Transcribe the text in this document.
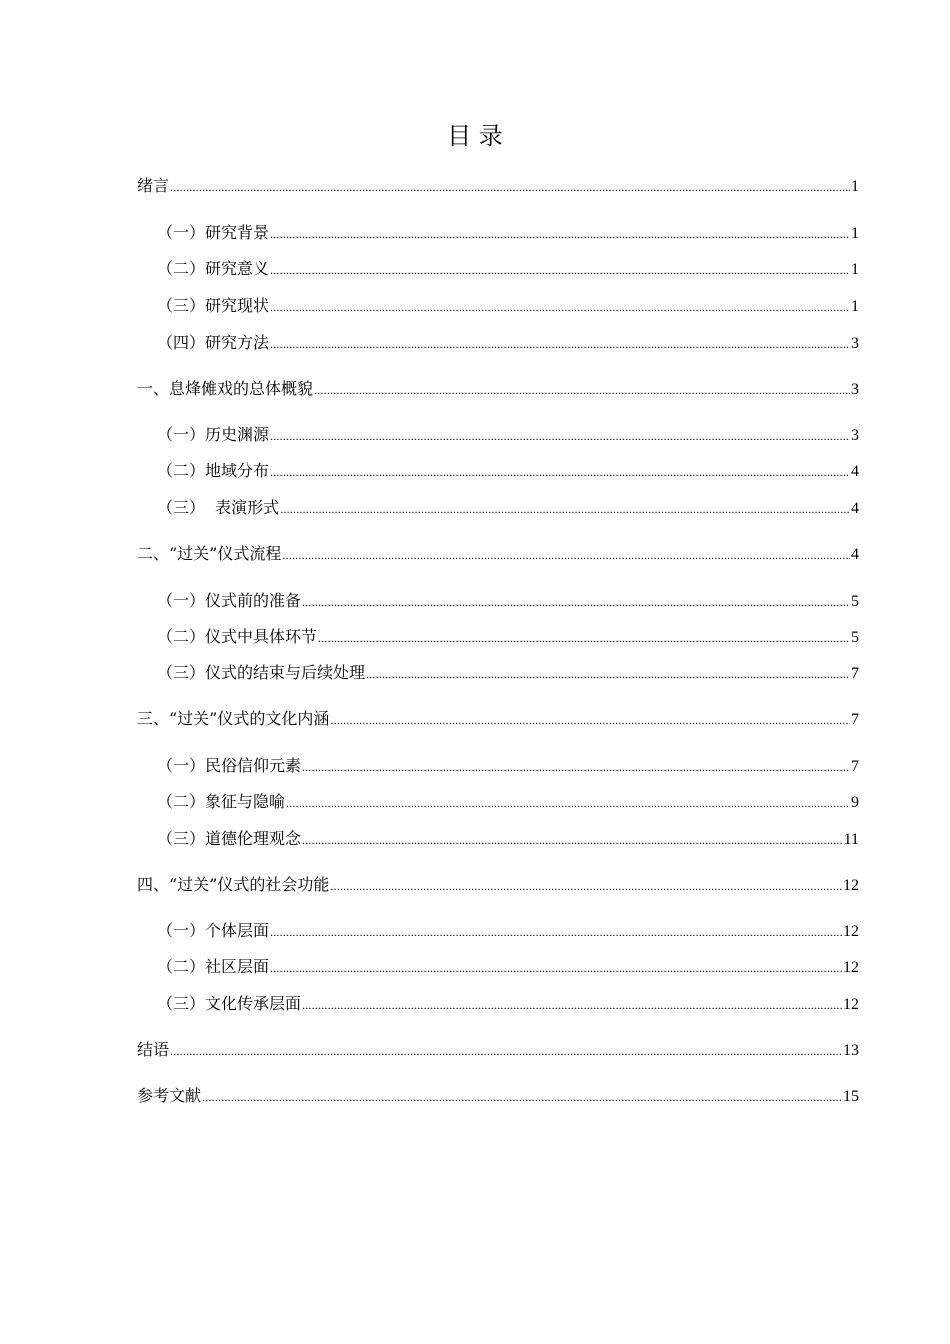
目 录
绪言 .....	1
（一）研究背景 .....	1
（二）研究意义 .....	1
（三）研究现状 .....	1
（四）研究方法 .....	3
一、息烽傩戏的总体概貌 .....	3
（一）历史渊源 .....	3
（二）地域分布 .....	4
（三）  表演形式 .....	4
二、“过关”仪式流程 .....	4
（一）仪式前的准备 .....	5
（二）仪式中具体环节 .....	5
（三）仪式的结束与后续处理 .....	7
三、“过关”仪式的文化内涵 .....	7
（一）民俗信仰元素 .....	7
（二）象征与隐喻 .....	9
（三）道德伦理观念 .....	11
四、“过关”仪式的社会功能 .....	12
（一）个体层面 .....	12
（二）社区层面 .....	12
（三）文化传承层面 .....	12
结语 .....	13
参考文献 .....	15
